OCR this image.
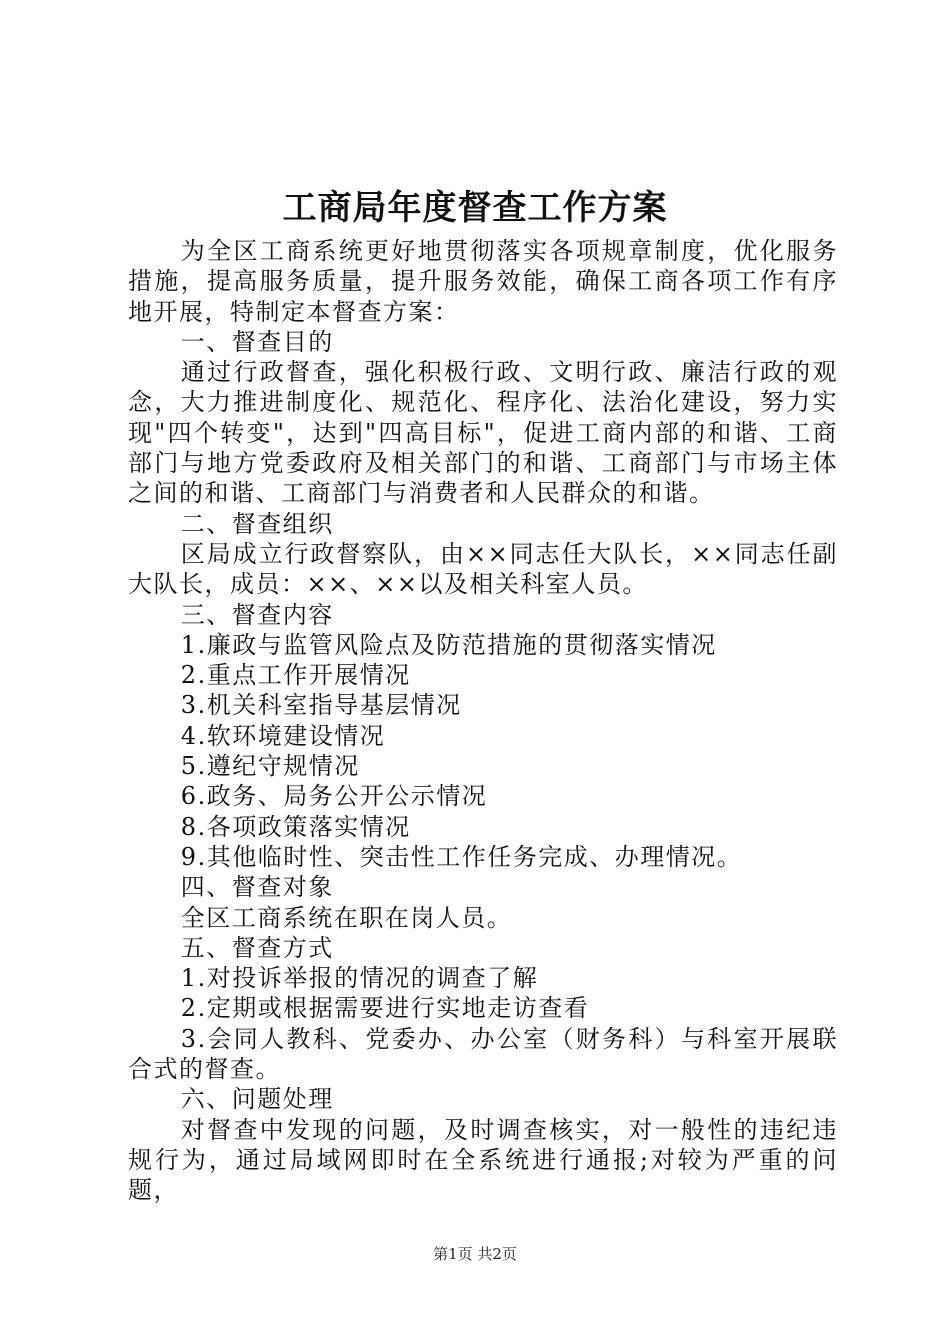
工商局年度督查工作方案

为全区工商系统更好地贯彻落实各项规章制度，优化服务措施，提高服务质量，提升服务效能，确保工商各项工作有序地开展，特制定本督查方案：

一、督查目的

通过行政督查，强化积极行政、文明行政、廉洁行政的观念，大力推进制度化、规范化、程序化、法治化建设，努力实现"四个转变"，达到"四高目标"，促进工商内部的和谐、工商部门与地方党委政府及相关部门的和谐、工商部门与市场主体之间的和谐、工商部门与消费者和人民群众的和谐。

二、督查组织

区局成立行政督察队，由××同志任大队长，××同志任副大队长，成员：××、××以及相关科室人员。

三、督查内容

1.廉政与监管风险点及防范措施的贯彻落实情况

2.重点工作开展情况

3.机关科室指导基层情况

4.软环境建设情况

5.遵纪守规情况

6.政务、局务公开公示情况

8.各项政策落实情况

9.其他临时性、突击性工作任务完成、办理情况。

四、督查对象

全区工商系统在职在岗人员。

五、督查方式

1.对投诉举报的情况的调查了解

2.定期或根据需要进行实地走访查看

3.会同人教科、党委办、办公室（财务科）与科室开展联合式的督查。

六、问题处理

对督查中发现的问题，及时调查核实，对一般性的违纪违规行为，通过局域网即时在全系统进行通报;对较为严重的问题，

第1页 共2页
